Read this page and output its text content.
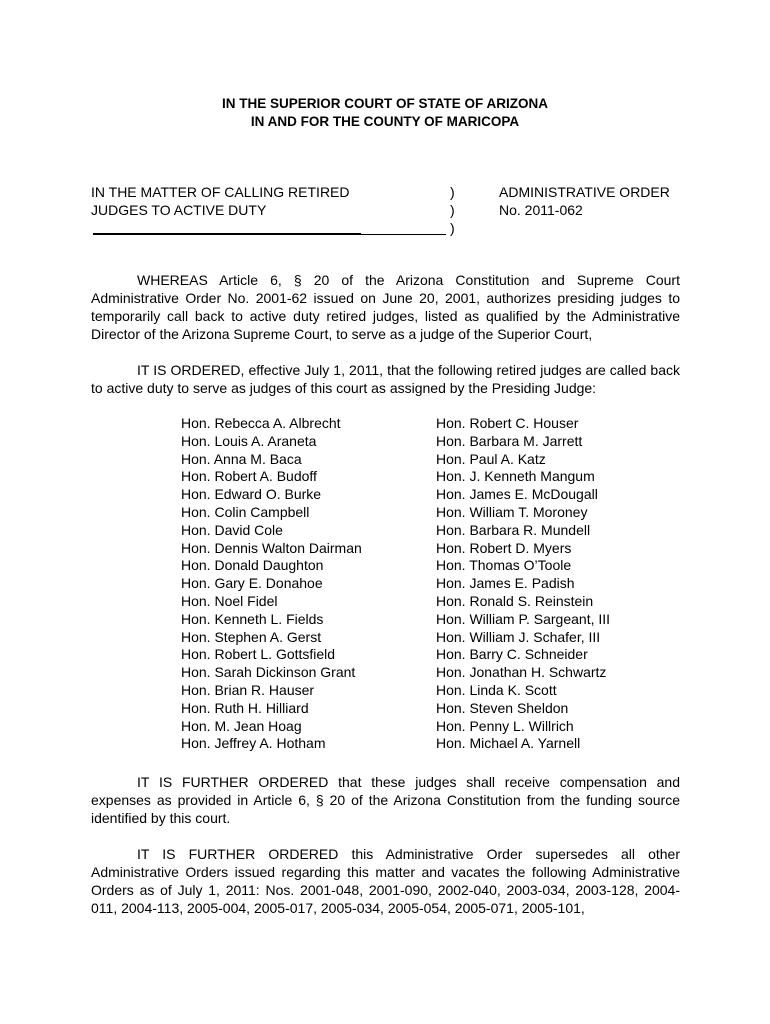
IN THE SUPERIOR COURT OF STATE OF ARIZONA
IN AND FOR THE COUNTY OF MARICOPA
IN THE MATTER OF CALLING RETIRED
JUDGES TO ACTIVE DUTY
)
)
)
ADMINISTRATIVE ORDER
No. 2011-062
WHEREAS Article 6, § 20 of the Arizona Constitution and Supreme Court Administrative Order No. 2001-62 issued on June 20, 2001, authorizes presiding judges to temporarily call back to active duty retired judges, listed as qualified by the Administrative Director of the Arizona Supreme Court, to serve as a judge of the Superior Court,
IT IS ORDERED, effective July 1, 2011, that the following retired judges are called back to active duty to serve as judges of this court as assigned by the Presiding Judge:
Hon. Rebecca A. Albrecht
Hon. Louis A. Araneta
Hon. Anna M. Baca
Hon. Robert A. Budoff
Hon. Edward O. Burke
Hon. Colin Campbell
Hon. David Cole
Hon. Dennis Walton Dairman
Hon. Donald Daughton
Hon. Gary E. Donahoe
Hon. Noel Fidel
Hon. Kenneth L. Fields
Hon. Stephen A. Gerst
Hon. Robert L. Gottsfield
Hon. Sarah Dickinson Grant
Hon. Brian R. Hauser
Hon. Ruth H. Hilliard
Hon. M. Jean Hoag
Hon. Jeffrey A. Hotham
Hon. Robert C. Houser
Hon. Barbara M. Jarrett
Hon. Paul A. Katz
Hon. J. Kenneth Mangum
Hon. James E. McDougall
Hon. William T. Moroney
Hon. Barbara R. Mundell
Hon. Robert D. Myers
Hon. Thomas O’Toole
Hon. James E. Padish
Hon. Ronald S. Reinstein
Hon. William P. Sargeant, III
Hon. William J. Schafer, III
Hon. Barry C. Schneider
Hon. Jonathan H. Schwartz
Hon. Linda K. Scott
Hon. Steven Sheldon
Hon. Penny L. Willrich
Hon. Michael A. Yarnell
IT IS FURTHER ORDERED that these judges shall receive compensation and expenses as provided in Article 6, § 20 of the Arizona Constitution from the funding source identified by this court.
IT IS FURTHER ORDERED this Administrative Order supersedes all other Administrative Orders issued regarding this matter and vacates the following Administrative Orders as of July 1, 2011: Nos. 2001-048, 2001-090, 2002-040, 2003-034, 2003-128, 2004-011, 2004-113, 2005-004, 2005-017, 2005-034, 2005-054, 2005-071, 2005-101,
